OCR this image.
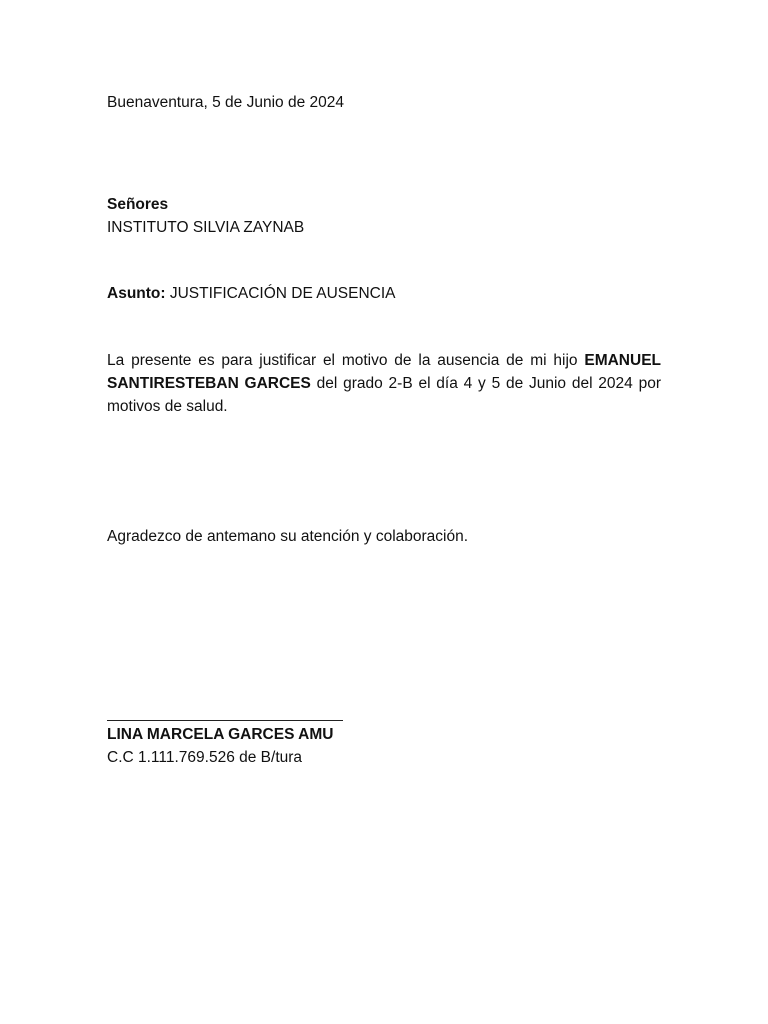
Buenaventura, 5 de Junio de 2024
Señores
INSTITUTO SILVIA ZAYNAB
Asunto: JUSTIFICACIÓN DE AUSENCIA
La presente es para justificar el motivo de la ausencia de mi hijo EMANUEL SANTIRESTEBAN GARCES del grado 2-B el día 4 y 5 de Junio del 2024 por motivos de salud.
Agradezco de antemano su atención y colaboración.
LINA MARCELA GARCES AMU
C.C 1.111.769.526 de B/tura
